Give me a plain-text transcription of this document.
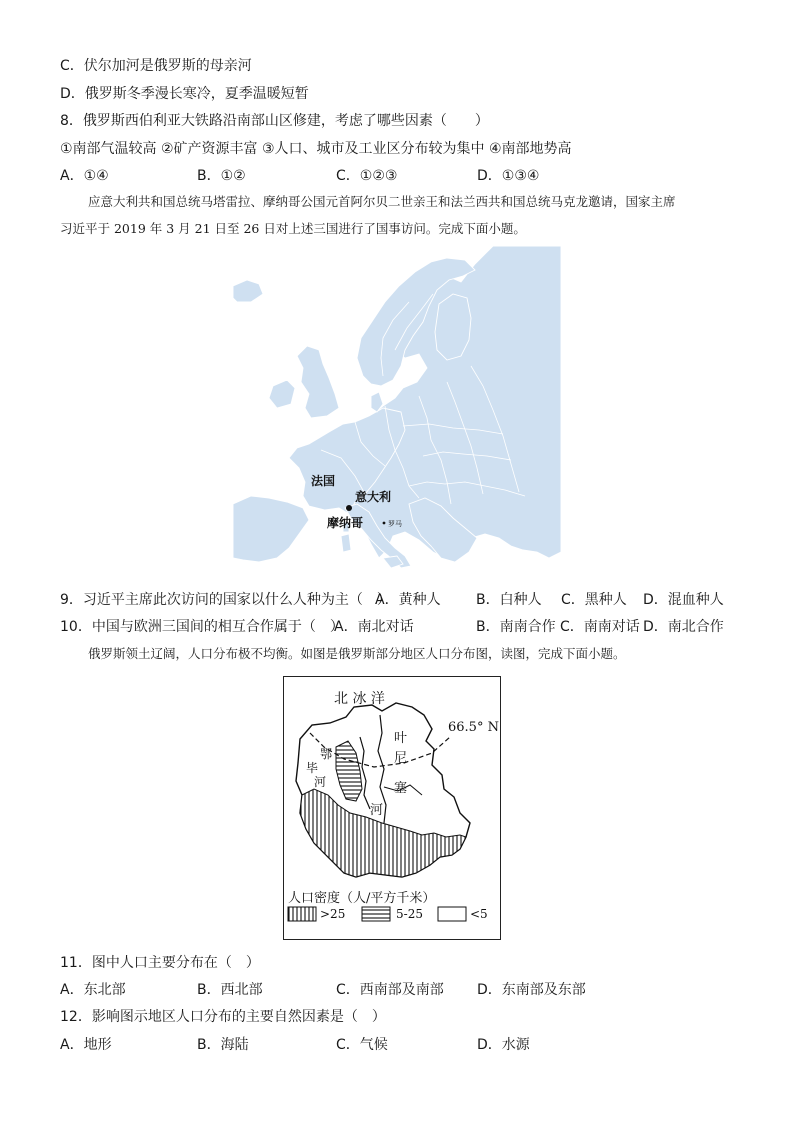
C．伏尔加河是俄罗斯的母亲河
D．俄罗斯冬季漫长寒冷，夏季温暖短暂
8．俄罗斯西伯利亚大铁路沿南部山区修建，考虑了哪些因素（　　）
①南部气温较高 ②矿产资源丰富 ③人口、城市及工业区分布较为集中 ④南部地势高
A．①④	B．①②	C．①②③	D．①③④
应意大利共和国总统马塔雷拉、摩纳哥公国元首阿尔贝二世亲王和法兰西共和国总统马克龙邀请，国家主席
习近平于 2019 年 3 月 21 日至 26 日对上述三国进行了国事访问。完成下面小题。
法国
意大利
摩纳哥	罗马
9．习近平主席此次访问的国家以什么人种为主（　）
A．黄种人	B．白种人 C．黑种人 D．混血种人
10．中国与欧洲三国间的相互合作属于（　）
A．南北对话	B．南南合作 C．南南对话 D．南北合作
俄罗斯领土辽阔，人口分布极不均衡。如图是俄罗斯部分地区人口分布图，读图，完成下面小题。
北 冰 洋
66.5° N
鄂
毕
河
叶
尼
塞
河
人口密度（人/平方千米）
>25	5-25	<5
11．图中人口主要分布在（　）
A．东北部	B．西北部	C．西南部及南部 D．东南部及东部
12．影响图示地区人口分布的主要自然因素是（　）
A．地形	B．海陆	C．气候	D．水源
